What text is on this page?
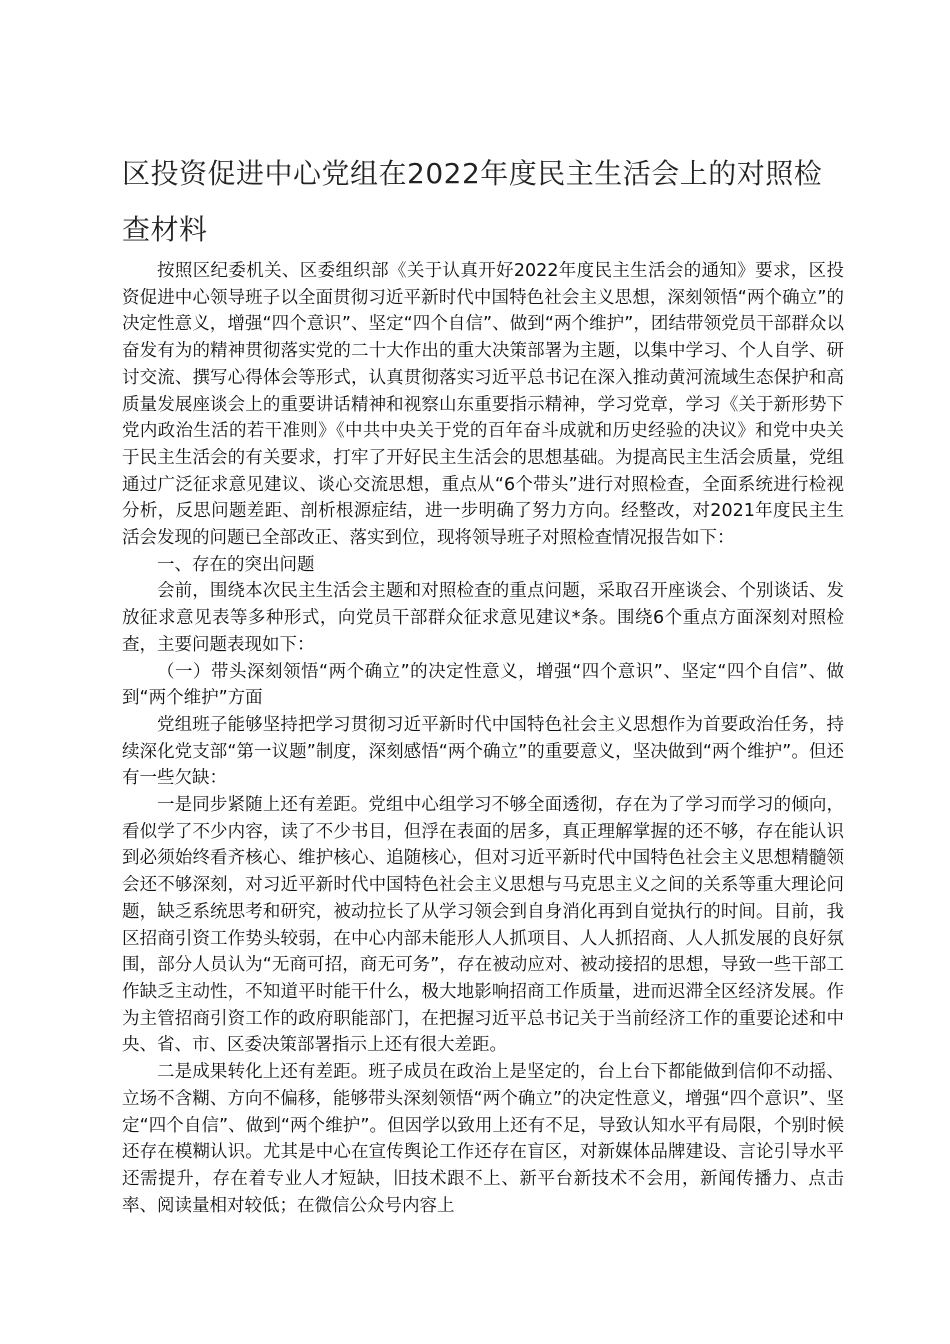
区投资促进中心党组在2022年度民主生活会上的对照检查材料

按照区纪委机关、区委组织部《关于认真开好2022年度民主生活会的通知》要求，区投资促进中心领导班子以全面贯彻习近平新时代中国特色社会主义思想，深刻领悟“两个确立”的决定性意义，增强“四个意识”、坚定“四个自信”、做到“两个维护”，团结带领党员干部群众以奋发有为的精神贯彻落实党的二十大作出的重大决策部署为主题，以集中学习、个人自学、研讨交流、撰写心得体会等形式，认真贯彻落实习近平总书记在深入推动黄河流域生态保护和高质量发展座谈会上的重要讲话精神和视察山东重要指示精神，学习党章，学习《关于新形势下党内政治生活的若干准则》《中共中央关于党的百年奋斗成就和历史经验的决议》和党中央关于民主生活会的有关要求，打牢了开好民主生活会的思想基础。为提高民主生活会质量，党组通过广泛征求意见建议、谈心交流思想，重点从“6个带头”进行对照检查，全面系统进行检视分析，反思问题差距、剖析根源症结，进一步明确了努力方向。经整改，对2021年度民主生活会发现的问题已全部改正、落实到位，现将领导班子对照检查情况报告如下：

一、存在的突出问题

会前，围绕本次民主生活会主题和对照检查的重点问题，采取召开座谈会、个别谈话、发放征求意见表等多种形式，向党员干部群众征求意见建议*条。围绕6个重点方面深刻对照检查，主要问题表现如下：

（一）带头深刻领悟“两个确立”的决定性意义，增强“四个意识”、坚定“四个自信”、做到“两个维护”方面

党组班子能够坚持把学习贯彻习近平新时代中国特色社会主义思想作为首要政治任务，持续深化党支部“第一议题”制度，深刻感悟“两个确立”的重要意义，坚决做到“两个维护”。但还有一些欠缺：

一是同步紧随上还有差距。党组中心组学习不够全面透彻，存在为了学习而学习的倾向，看似学了不少内容，读了不少书目，但浮在表面的居多，真正理解掌握的还不够，存在能认识到必须始终看齐核心、维护核心、追随核心，但对习近平新时代中国特色社会主义思想精髓领会还不够深刻，对习近平新时代中国特色社会主义思想与马克思主义之间的关系等重大理论问题，缺乏系统思考和研究，被动拉长了从学习领会到自身消化再到自觉执行的时间。目前，我区招商引资工作势头较弱，在中心内部未能形人人抓项目、人人抓招商、人人抓发展的良好氛围，部分人员认为“无商可招，商无可务”，存在被动应对、被动接招的思想，导致一些干部工作缺乏主动性，不知道平时能干什么，极大地影响招商工作质量，进而迟滞全区经济发展。作为主管招商引资工作的政府职能部门，在把握习近平总书记关于当前经济工作的重要论述和中央、省、市、区委决策部署指示上还有很大差距。

二是成果转化上还有差距。班子成员在政治上是坚定的，台上台下都能做到信仰不动摇、立场不含糊、方向不偏移，能够带头深刻领悟“两个确立”的决定性意义，增强“四个意识”、坚定“四个自信”、做到“两个维护”。但因学以致用上还有不足，导致认知水平有局限，个别时候还存在模糊认识。尤其是中心在宣传舆论工作还存在盲区，对新媒体品牌建设、言论引导水平还需提升，存在着专业人才短缺，旧技术跟不上、新平台新技术不会用，新闻传播力、点击率、阅读量相对较低；在微信公众号内容上
